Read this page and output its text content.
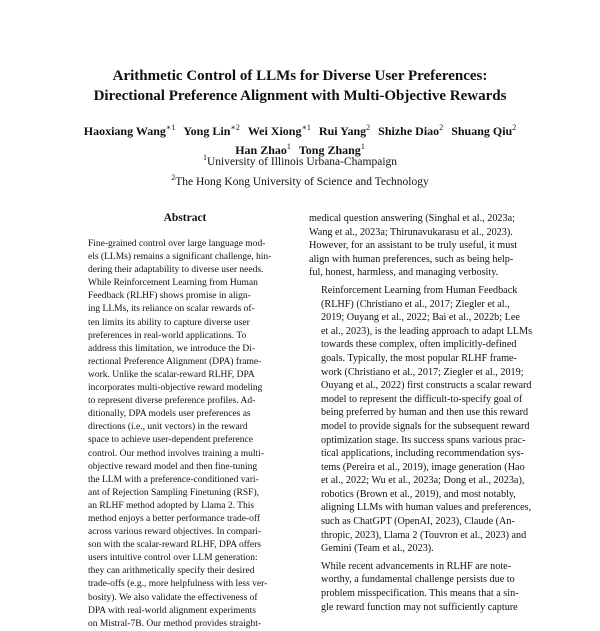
Arithmetic Control of LLMs for Diverse User Preferences:
Directional Preference Alignment with Multi-Objective Rewards
Haoxiang Wang$^{∗1}$ Yong Lin$^{∗2}$ Wei Xiong$^{∗1}$ Rui Yang$^2$ Shizhe Diao$^2$ Shuang Qiu$^2$
Han Zhao$^1$ Tong Zhang$^1$
$^1$University of Illinois Urbana-Champaign
$^2$The Hong Kong University of Science and Technology
Abstract
Fine-grained control over large language mod-
els (LLMs) remains a significant challenge, hin-
dering their adaptability to diverse user needs.
While Reinforcement Learning from Human
Feedback (RLHF) shows promise in align-
ing LLMs, its reliance on scalar rewards of-
ten limits its ability to capture diverse user
preferences in real-world applications. To
address this limitation, we introduce the Di-
rectional Preference Alignment (DPA) frame-
work. Unlike the scalar-reward RLHF, DPA
incorporates multi-objective reward modeling
to represent diverse preference profiles. Ad-
ditionally, DPA models user preferences as
directions (i.e., unit vectors) in the reward
space to achieve user-dependent preference
control. Our method involves training a multi-
objective reward model and then fine-tuning
the LLM with a preference-conditioned vari-
ant of Rejection Sampling Finetuning (RSF),
an RLHF method adopted by Llama 2. This
method enjoys a better performance trade-off
across various reward objectives. In compari-
son with the scalar-reward RLHF, DPA offers
users intuitive control over LLM generation:
they can arithmetically specify their desired
trade-offs (e.g., more helpfulness with less ver-
bosity). We also validate the effectiveness of
DPA with real-world alignment experiments
on Mistral-7B. Our method provides straight-

medical question answering (Singhal et al., 2023a;
Wang et al., 2023a; Thirunavukarasu et al., 2023).
However, for an assistant to be truly useful, it must
align with human preferences, such as being help-
ful, honest, harmless, and managing verbosity.

Reinforcement Learning from Human Feedback
(RLHF) (Christiano et al., 2017; Ziegler et al.,
2019; Ouyang et al., 2022; Bai et al., 2022b; Lee
et al., 2023), is the leading approach to adapt LLMs
towards these complex, often implicitly-defined
goals. Typically, the most popular RLHF frame-
work (Christiano et al., 2017; Ziegler et al., 2019;
Ouyang et al., 2022) first constructs a scalar reward
model to represent the difficult-to-specify goal of
being preferred by human and then use this reward
model to provide signals for the subsequent reward
optimization stage. Its success spans various prac-
tical applications, including recommendation sys-
tems (Pereira et al., 2019), image generation (Hao
et al., 2022; Wu et al., 2023a; Dong et al., 2023a),
robotics (Brown et al., 2019), and most notably,
aligning LLMs with human values and preferences,
such as ChatGPT (OpenAI, 2023), Claude (An-
thropic, 2023), Llama 2 (Touvron et al., 2023) and
Gemini (Team et al., 2023).

While recent advancements in RLHF are note-
worthy, a fundamental challenge persists due to
problem misspecification. This means that a sin-
gle reward function may not sufficiently capture
